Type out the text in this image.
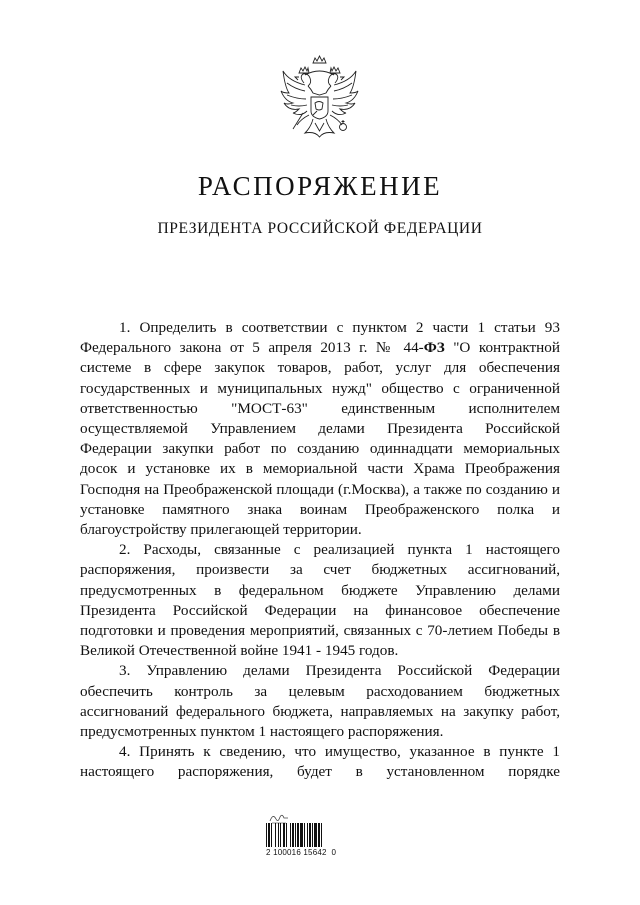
РАСПОРЯЖЕНИЕ
ПРЕЗИДЕНТА РОССИЙСКОЙ ФЕДЕРАЦИИ

1. Определить в соответствии с пунктом 2 части 1 статьи 93 Федерального закона от 5 апреля 2013 г. № 44-ФЗ "О контрактной системе в сфере закупок товаров, работ, услуг для обеспечения государственных и муниципальных нужд" общество с ограниченной ответственностью "МОСТ-63" единственным исполнителем осуществляемой Управлением делами Президента Российской Федерации закупки работ по созданию одиннадцати мемориальных досок и установке их в мемориальной части Храма Преображения Господня на Преображенской площади (г.Москва), а также по созданию и установке памятного знака воинам Преображенского полка и благоустройству прилегающей территории.

2. Расходы, связанные с реализацией пункта 1 настоящего распоряжения, произвести за счет бюджетных ассигнований, предусмотренных в федеральном бюджете Управлению делами Президента Российской Федерации на финансовое обеспечение подготовки и проведения мероприятий, связанных с 70-летием Победы в Великой Отечественной войне 1941 - 1945 годов.

3. Управлению делами Президента Российской Федерации обеспечить контроль за целевым расходованием бюджетных ассигнований федерального бюджета, направляемых на закупку работ, предусмотренных пунктом 1 настоящего распоряжения.

4. Принять к сведению, что имущество, указанное в пункте 1 настоящего распоряжения, будет в установленном порядке

2 100016 15642  0
